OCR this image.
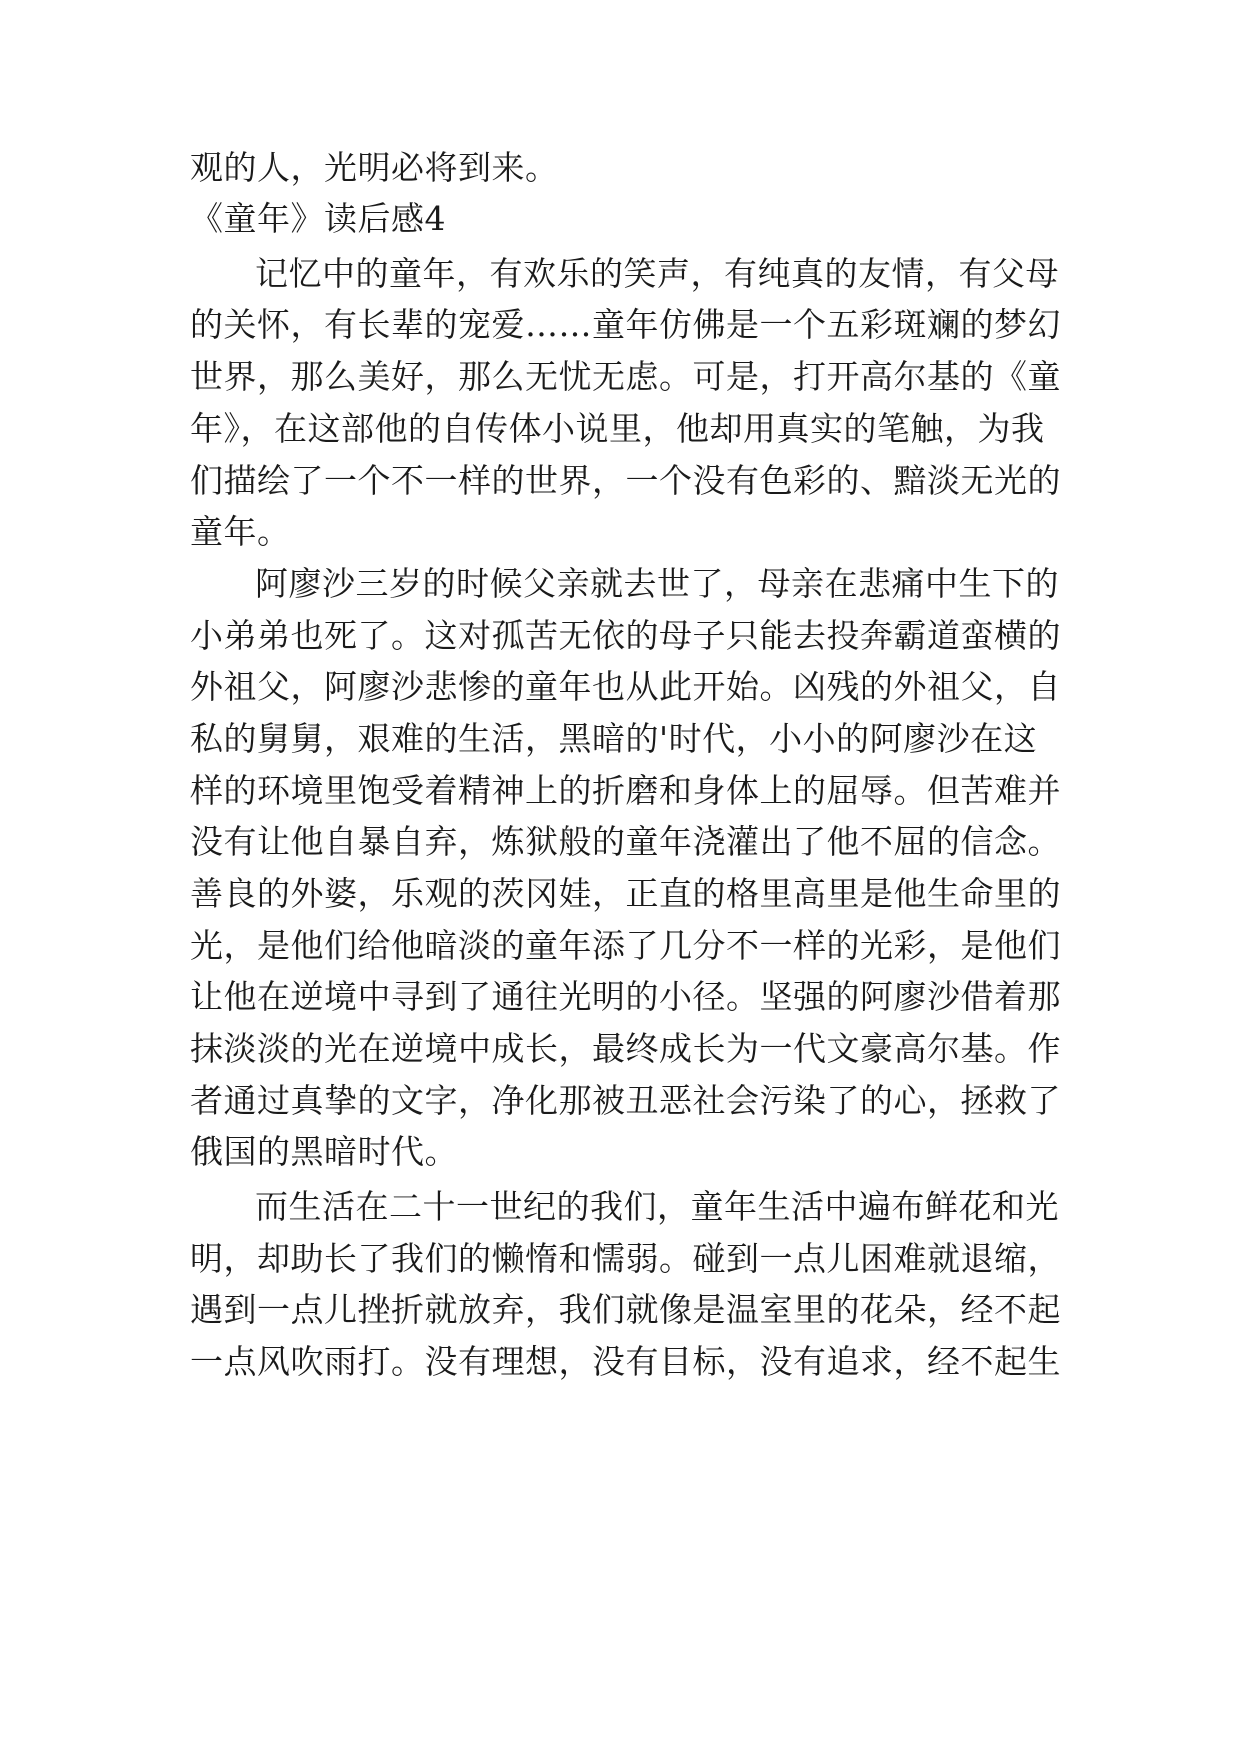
观的人，光明必将到来。
《童年》读后感4
记忆中的童年，有欢乐的笑声，有纯真的友情，有父母
的关怀，有长辈的宠爱……童年仿佛是一个五彩斑斓的梦幻
世界，那么美好，那么无忧无虑。可是，打开高尔基的《童
年》，在这部他的自传体小说里，他却用真实的笔触，为我
们描绘了一个不一样的世界，一个没有色彩的、黯淡无光的
童年。
阿廖沙三岁的时候父亲就去世了，母亲在悲痛中生下的
小弟弟也死了。这对孤苦无依的母子只能去投奔霸道蛮横的
外祖父，阿廖沙悲惨的童年也从此开始。凶残的外祖父，自
私的舅舅，艰难的生活，黑暗的'时代，小小的阿廖沙在这
样的环境里饱受着精神上的折磨和身体上的屈辱。但苦难并
没有让他自暴自弃，炼狱般的童年浇灌出了他不屈的信念。
善良的外婆，乐观的茨冈娃，正直的格里高里是他生命里的
光，是他们给他暗淡的童年添了几分不一样的光彩，是他们
让他在逆境中寻到了通往光明的小径。坚强的阿廖沙借着那
抹淡淡的光在逆境中成长，最终成长为一代文豪高尔基。作
者通过真挚的文字，净化那被丑恶社会污染了的心，拯救了
俄国的黑暗时代。
而生活在二十一世纪的我们，童年生活中遍布鲜花和光
明，却助长了我们的懒惰和懦弱。碰到一点儿困难就退缩，
遇到一点儿挫折就放弃，我们就像是温室里的花朵，经不起
一点风吹雨打。没有理想，没有目标，没有追求，经不起生
